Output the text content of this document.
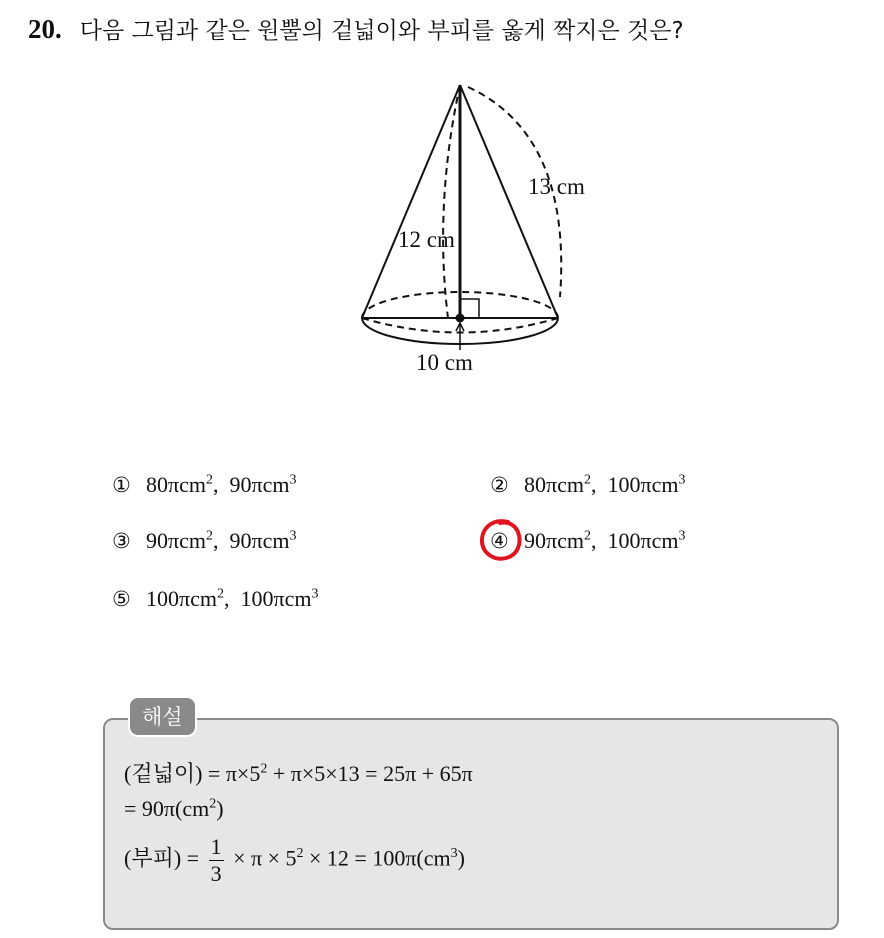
20. 다음 그림과 같은 원뿔의 겉넓이와 부피를 옳게 짝지은 것은?
13 cm
12 cm
10 cm
① 80πcm$^2$,  90πcm$^3$	② 80πcm$^2$,  100πcm$^3$
③ 90πcm$^2$,  90πcm$^3$	④ 90πcm$^2$,  100πcm$^3$
⑤ 100πcm$^2$,  100πcm$^3$
해설
(겉넓이) = $\pi\times 5^2 + \pi\times 5\times 13 = 25\pi + 65\pi$
= $90\pi(cm^2)$
(부피) = $\frac{1}{3} \times \pi \times 5^2 \times 12 = 100\pi(cm^3)$
